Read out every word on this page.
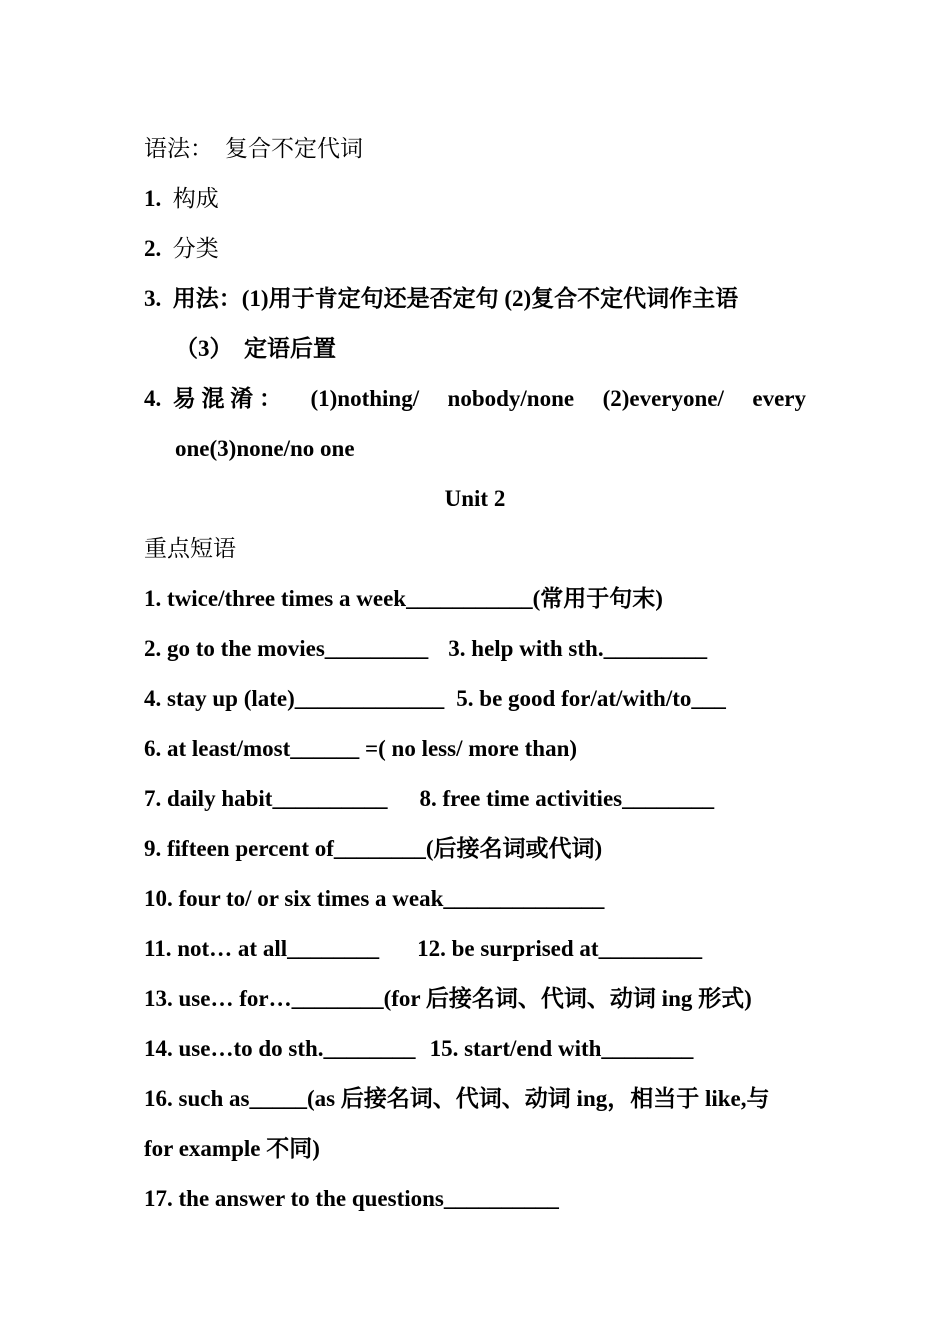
语法： 复合不定代词
1. 构成
2. 分类
3. 用法：(1)用于肯定句还是否定句 (2)复合不定代词作主语
（3）　定语后置
4. 易 混 淆 ： (1)nothing/ nobody/none (2)everyone/ every
one(3)none/no one
Unit 2
重点短语
1. twice/three times a week___________(常用于句末)
2. go to the movies_________ 3. help with sth._________
4. stay up (late)_____________ 5. be good for/at/with/to___
6. at least/most______ =( no less/ more than)
7. daily habit__________ 8. free time activities________
9. fifteen percent of________(后接名词或代词)
10. four to/ or six times a weak______________
11. not… at all________ 12. be surprised at_________
13. use… for…________(for 后接名词、代词、动词 ing 形式)
14. use…to do sth.________ 15. start/end with________
16. such as_____(as 后接名词、代词、动词 ing，相当于 like,与
for example 不同)
17. the answer to the questions__________
